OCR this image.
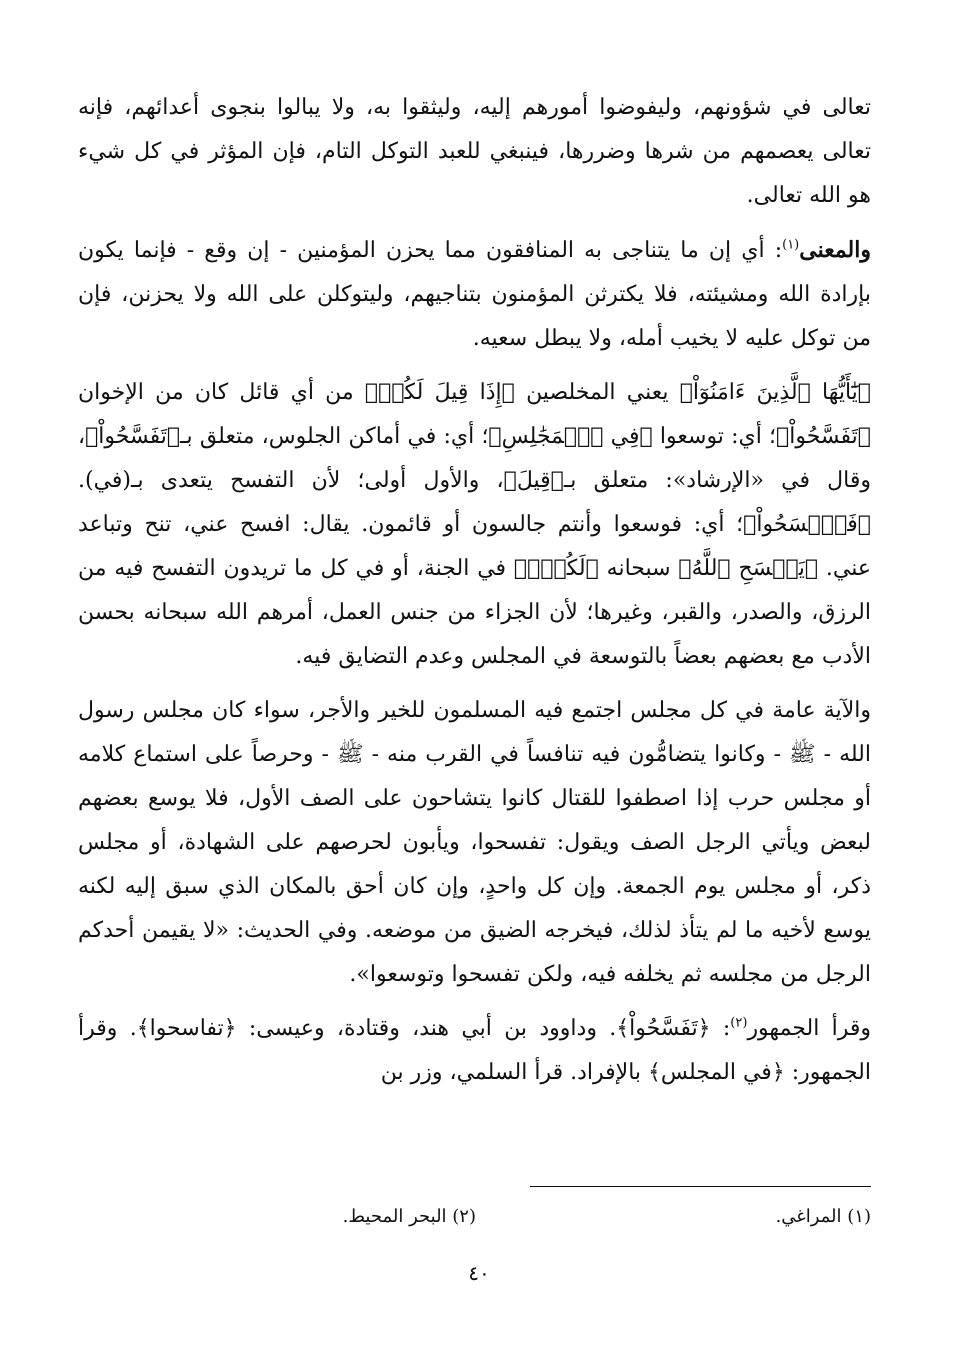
تعالى في شؤونهم، وليفوضوا أمورهم إليه، وليثقوا به، ولا يبالوا بنجوى أعدائهم، فإنه تعالى يعصمهم من شرها وضررها، فينبغي للعبد التوكل التام، فإن المؤثر في كل شيء هو الله تعالى.

والمعنى$^{(١)}$: أي إن ما يتناجى به المنافقون مما يحزن المؤمنين - إن وقع - فإنما يكون بإرادة الله ومشيئته، فلا يكترثن المؤمنون بتناجيهم، وليتوكلن على الله ولا يحزنن، فإن من توكل عليه لا يخيب أمله، ولا يبطل سعيه.

﴿يَٰٓأَيُّهَا ٱلَّذِينَ ءَامَنُوٓاْ﴾ يعني المخلصين ﴿إِذَا قِيلَ لَكُمۡ﴾ من أي قائل كان من الإخوان ﴿تَفَسَّحُواْ﴾؛ أي: توسعوا ﴿فِي ٱلۡمَجَٰلِسِ﴾؛ أي: في أماكن الجلوس، متعلق بـ﴿تَفَسَّحُواْ﴾، وقال في «الإرشاد»: متعلق بـ﴿قِيلَ﴾، والأول أولى؛ لأن التفسح يتعدى بـ(في). ﴿فَٱفۡسَحُواْ﴾؛ أي: فوسعوا وأنتم جالسون أو قائمون. يقال: افسح عني، تنح وتباعد عني. ﴿يَفۡسَحِ ٱللَّهُ﴾ سبحانه ﴿لَكُمۡۖ﴾ في الجنة، أو في كل ما تريدون التفسح فيه من الرزق، والصدر، والقبر، وغيرها؛ لأن الجزاء من جنس العمل، أمرهم الله سبحانه بحسن الأدب مع بعضهم بعضاً بالتوسعة في المجلس وعدم التضايق فيه.

والآية عامة في كل مجلس اجتمع فيه المسلمون للخير والأجر، سواء كان مجلس رسول الله - ﷺ - وكانوا يتضامُّون فيه تنافساً في القرب منه - ﷺ - وحرصاً على استماع كلامه أو مجلس حرب إذا اصطفوا للقتال كانوا يتشاحون على الصف الأول، فلا يوسع بعضهم لبعض ويأتي الرجل الصف ويقول: تفسحوا، ويأبون لحرصهم على الشهادة، أو مجلس ذكر، أو مجلس يوم الجمعة. وإن كل واحدٍ، وإن كان أحق بالمكان الذي سبق إليه لكنه يوسع لأخيه ما لم يتأذ لذلك، فيخرجه الضيق من موضعه. وفي الحديث: «لا يقيمن أحدكم الرجل من مجلسه ثم يخلفه فيه، ولكن تفسحوا وتوسعوا».

وقرأ الجمهور$^{(٢)}$: ﴿تَفَسَّحُواْ﴾. وداوود بن أبي هند، وقتادة، وعيسى: ﴿تفاسحوا﴾. وقرأ الجمهور: ﴿في المجلس﴾ بالإفراد. قرأ السلمي، وزر بن

(١) المراغي.
(٢) البحر المحيط.
٤٠
